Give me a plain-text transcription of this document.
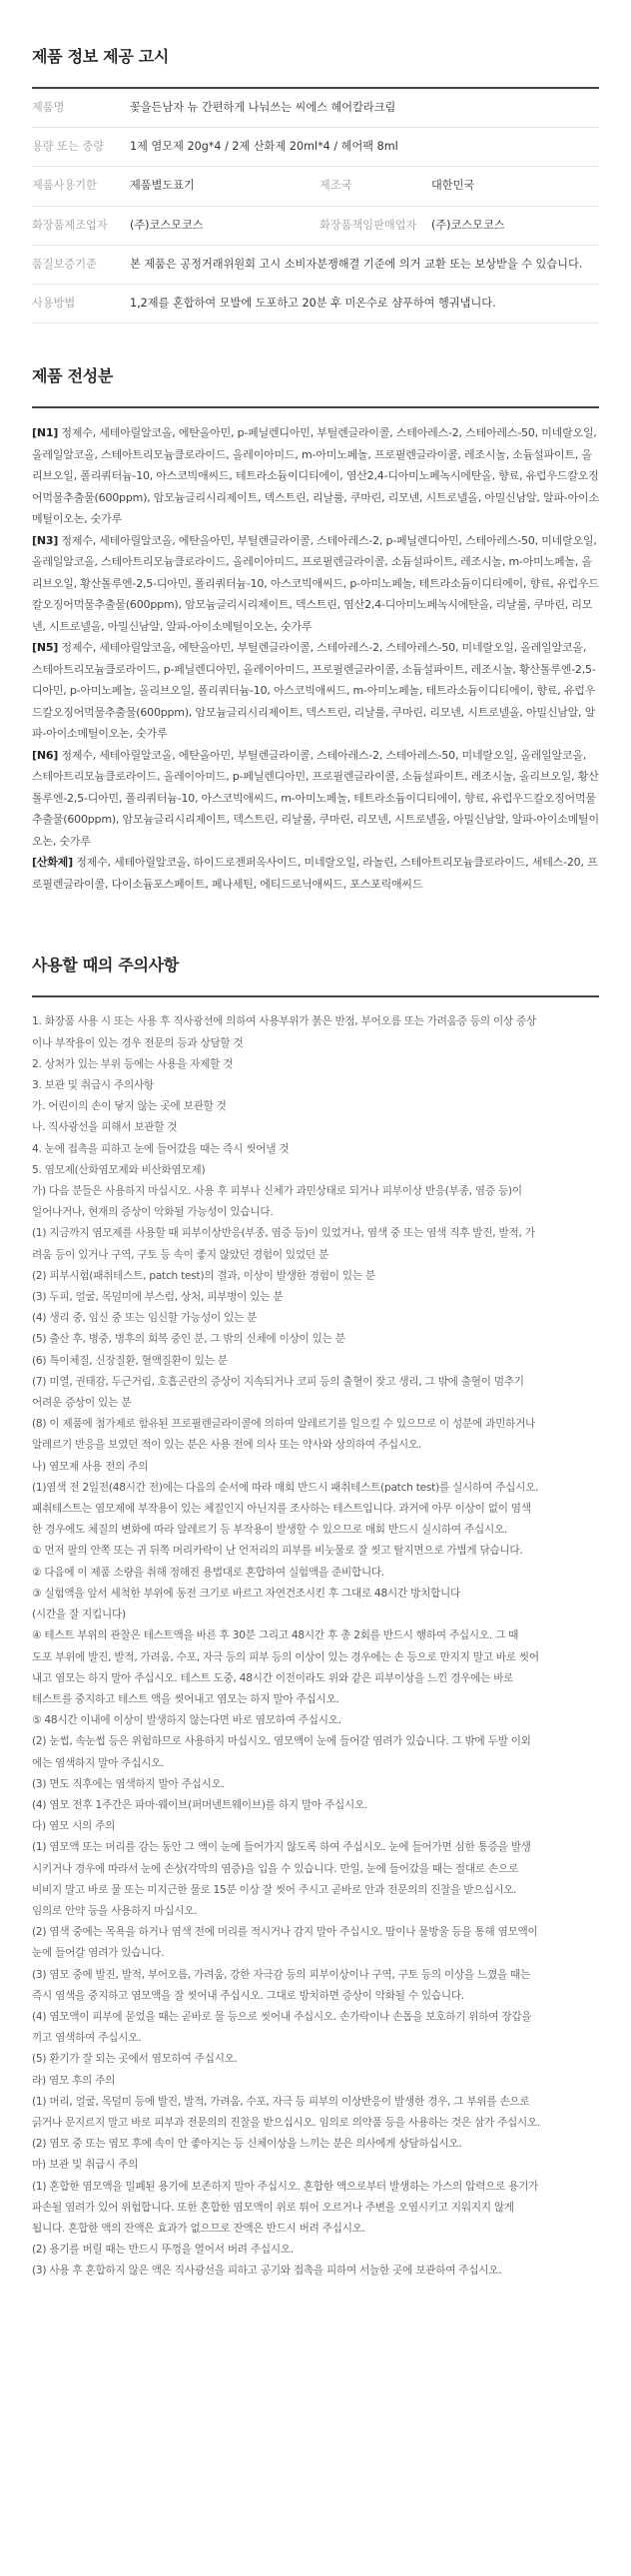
제품 정보 제공 고시
제품명	꽃을든남자 뉴 간편하게 나눠쓰는 씨에스 헤어칼라크림		
용량 또는 중량	1제 염모제 20g*4 / 2제 산화제 20ml*4 / 헤어팩 8ml		
제품사용기한	제품별도표기	제조국	대한민국
화장품제조업자	(주)코스모코스	화장품책임판매업자	(주)코스모코스
품질보증기준	본 제품은 공정거래위원회 고시 소비자분쟁해결 기준에 의거 교환 또는 보상받을 수 있습니다.		
사용방법	1,2제를 혼합하여 모발에 도포하고 20분 후 미온수로 샴푸하여 헹궈냅니다.		
제품 전성분

[N1] 정제수, 세테아릴알코올, 에탄올아민, p-페닐렌디아민, 부틸렌글라이콜, 스테아레스-2, 스테아레스-50, 미네랄오일, 올레일알코올, 스테아트리모늄클로라이드, 올레이아미드, m-아미노페놀, 프로필렌글라이콜, 레조시놀, 소듐설파이트, 올리브오일, 폴리쿼터늄-10, 아스코빅애씨드, 테트라소듐이디티에이, 염산2,4-디아미노페녹시에탄올, 향료, 유럽우드칼오징어먹물추출물(600ppm), 암모늄글리시리제이트, 덱스트린, 리날룰, 쿠마린, 리모넨, 시트로넬올, 아밀신남알, 알파-아이소메틸이오논, 숫가루

[N3] 정제수, 세테아릴알코올, 에탄올아민, 부틸렌글라이콜, 스테아레스-2, p-페닐렌디아민, 스테아레스-50, 미네랄오일, 올레일알코올, 스테아트리모늄클로라이드, 올레이아미드, 프로필렌글라이콜, 소듐설파이트, 레조시놀, m-아미노페놀, 올리브오일, 황산톨루엔-2,5-디아민, 폴리쿼터늄-10, 아스코빅애씨드, p-아미노페놀, 테트라소듐이디티에이, 향료, 유럽우드칼오징어먹물추출물(600ppm), 암모늄글리시리제이트, 덱스트린, 염산2,4-디아미노페녹시에탄올, 리날룰, 쿠마린, 리모넨, 시트로넬올, 아밀신남알, 알파-아이소메틸이오논, 숫가루

[N5] 정제수, 세테아릴알코올, 에탄올아민, 부틸렌글라이콜, 스테아레스-2, 스테아레스-50, 미네랄오일, 올레일알코올, 스테아트리모늄클로라이드, p-페닐렌디아민, 올레이아미드, 프로필렌글라이콜, 소듐설파이트, 레조시놀, 황산톨루엔-2,5-디아민, p-아미노페놀, 올리브오일, 폴리쿼터늄-10, 아스코빅애씨드, m-아미노페놀, 테트라소듐이디티에이, 향료, 유럽우드칼오징어먹물추출물(600ppm), 암모늄글리시리제이트, 덱스트린, 리날룰, 쿠마린, 리모넨, 시트로넬올, 아밀신남알, 알파-아이소메틸이오논, 숫가루

[N6] 정제수, 세테아릴알코올, 에탄올아민, 부틸렌글라이콜, 스테아레스-2, 스테아레스-50, 미네랄오일, 올레일알코올, 스테아트리모늄클로라이드, 올레이아미드, p-페닐렌디아민, 프로필렌글라이콜, 소듐설파이트, 레조시놀, 올리브오일, 황산톨루엔-2,5-디아민, 폴리쿼터늄-10, 아스코빅애씨드, m-아미노페놀, 테트라소듐이디티에이, 향료, 유럽우드칼오징어먹물추출물(600ppm), 암모늄글리시리제이트, 덱스트린, 리날룰, 쿠마린, 리모넨, 시트로넬올, 아밀신남알, 알파-아이소메틸이오논, 숫가루

[산화제] 정제수, 세테아릴알코올, 하이드로젠퍼옥사이드, 미네랄오일, 라놀린, 스테아트리모늄클로라이드, 세테스-20, 프로필렌글라이콜, 다이소듐포스페이트, 페나세틴, 에티드로닉애씨드, 포스포릭애씨드

사용할 때의 주의사항

1. 화장품 사용 시 또는 사용 후 직사광선에 의하여 사용부위가 붉은 반점, 부어오름 또는 가려움증 등의 이상 증상

이나 부작용이 있는 경우 전문의 등과 상담할 것

2. 상처가 있는 부위 등에는 사용을 자제할 것

3. 보관 및 취급시 주의사항

가. 어린이의 손이 닿지 않는 곳에 보관할 것

나. 직사광선을 피해서 보관할 것

4. 눈에 접촉을 피하고 눈에 들어갔을 때는 즉시 씻어낼 것

5. 염모제(산화염모제와 비산화염모제)

가) 다음 분들은 사용하지 마십시오. 사용 후 피부나 신체가 과민상태로 되거나 피부이상 반응(부종, 염증 등)이

일어나거나, 현재의 증상이 악화될 가능성이 있습니다.

(1) 지금까지 염모제를 사용할 때 피부이상반응(부종, 염증 등)이 있었거나, 염색 중 또는 염색 직후 발진, 발적, 가

려움 등이 있거나 구역, 구토 등 속이 좋지 않았던 경험이 있었던 분

(2) 피부시험(패취테스트, patch test)의 결과, 이상이 발생한 경험이 있는 분

(3) 두피, 얼굴, 목덜미에 부스럼, 상처, 피부병이 있는 분

(4) 생리 중, 임신 중 또는 임신할 가능성이 있는 분

(5) 출산 후, 병중, 병후의 회복 중인 분, 그 밖의 신체에 이상이 있는 분

(6) 특이체질, 신장질환, 혈액질환이 있는 분

(7) 미열, 권태감, 두근거림, 호흡곤란의 증상이 지속되거나 코피 등의 출혈이 잦고 생리, 그 밖에 출혈이 멈추기

어려운 증상이 있는 분

(8) 이 제품에 첨가제로 함유된 프로필렌글라이콜에 의하여 알레르기를 일으킬 수 있으므로 이 성분에 과민하거나

알레르기 반응을 보였던 적이 있는 분은 사용 전에 의사 또는 약사와 상의하여 주십시오.

나) 염모제 사용 전의 주의

(1)염색 전 2일전(48시간 전)에는 다음의 순서에 따라 매회 반드시 패취테스트(patch test)를 실시하여 주십시오.

패취테스트는 염모제에 부작용이 있는 체질인지 아닌지를 조사하는 테스트입니다. 과거에 아무 이상이 없이 염색

한 경우에도 체질의 변화에 따라 알레르기 등 부작용이 발생할 수 있으므로 매회 반드시 실시하여 주십시오.

① 먼저 팔의 안쪽 또는 귀 뒤쪽 머리카락이 난 언저리의 피부를 비눗물로 잘 씻고 탈지면으로 가볍게 닦습니다.

② 다음에 이 제품 소량을 취해 정해진 용법대로 혼합하여 실험액을 준비합니다.

③ 실험액을 앞서 세척한 부위에 동전 크기로 바르고 자연건조시킨 후 그대로 48시간 방치합니다

(시간을 잘 지킵니다)

④ 테스트 부위의 관찰은 테스트액을 바른 후 30분 그리고 48시간 후 총 2회를 반드시 행하여 주십시오. 그 때

도포 부위에 발진, 발적, 가려움, 수포, 자극 등의 피부 등의 이상이 있는 경우에는 손 등으로 만지지 말고 바로 씻어

내고 염모는 하지 말아 주십시오. 테스트 도중, 48시간 이전이라도 위와 같은 피부이상을 느낀 경우에는 바로

테스트를 중지하고 테스트 액을 씻어내고 염모는 하지 말아 주십시오.

⑤ 48시간 이내에 이상이 발생하지 않는다면 바로 염모하여 주십시오.

(2) 눈썹, 속눈썹 등은 위험하므로 사용하지 마십시오. 염모액이 눈에 들어갈 염려가 있습니다. 그 밖에 두발 이외

에는 염색하지 말아 주십시오.

(3) 면도 직후에는 염색하지 말아 주십시오.

(4) 염모 전후 1주간은 파마·웨이브(퍼머넨트웨이브)를 하지 말아 주십시오.

다) 염모 시의 주의

(1) 염모액 또는 머리를 감는 동안 그 액이 눈에 들어가지 않도록 하여 주십시오. 눈에 들어가면 심한 통증을 발생

시키거나 경우에 따라서 눈에 손상(각막의 염증)을 입을 수 있습니다. 만일, 눈에 들어갔을 때는 절대로 손으로

비비지 말고 바로 물 또는 미지근한 물로 15분 이상 잘 씻어 주시고 곧바로 안과 전문의의 진찰을 받으십시오.

임의로 안약 등을 사용하지 마십시오.

(2) 염색 중에는 목욕을 하거나 염색 전에 머리를 적시거나 감지 말아 주십시오. 땀이나 물방울 등을 통해 염모액이

눈에 들어갈 염려가 있습니다.

(3) 염모 중에 발진, 발적, 부어오름, 가려움, 강한 자극감 등의 피부이상이나 구역, 구토 등의 이상을 느꼈을 때는

즉시 염색을 중지하고 염모액을 잘 씻어내 주십시오. 그대로 방치하면 증상이 악화될 수 있습니다.

(4) 염모액이 피부에 묻었을 때는 곧바로 물 등으로 씻어내 주십시오. 손가락이나 손톱을 보호하기 위하여 장갑을

끼고 염색하여 주십시오.

(5) 환기가 잘 되는 곳에서 염모하여 주십시오.

라) 염모 후의 주의

(1) 머리, 얼굴, 목덜미 등에 발진, 발적, 가려움, 수포, 자극 등 피부의 이상반응이 발생한 경우, 그 부위를 손으로

긁거나 문지르지 말고 바로 피부과 전문의의 진찰을 받으십시오. 임의로 의약품 등을 사용하는 것은 삼가 주십시오.

(2) 염모 중 또는 염모 후에 속이 안 좋아지는 등 신체이상을 느끼는 분은 의사에게 상담하십시오.

마) 보관 및 취급시 주의

(1) 혼합한 염모액을 밀폐된 용기에 보존하지 말아 주십시오. 혼합한 액으로부터 발생하는 가스의 압력으로 용기가

파손될 염려가 있어 위험합니다. 또한 혼합한 염모액이 위로 튀어 오르거나 주변을 오염시키고 지워지지 않게

됩니다. 혼합한 액의 잔액은 효과가 없으므로 잔액은 반드시 버려 주십시오.

(2) 용기를 버릴 때는 반드시 뚜껑을 열어서 버려 주십시오.

(3) 사용 후 혼합하지 않은 액은 직사광선을 피하고 공기와 접촉을 피하여 서늘한 곳에 보관하여 주십시오.
